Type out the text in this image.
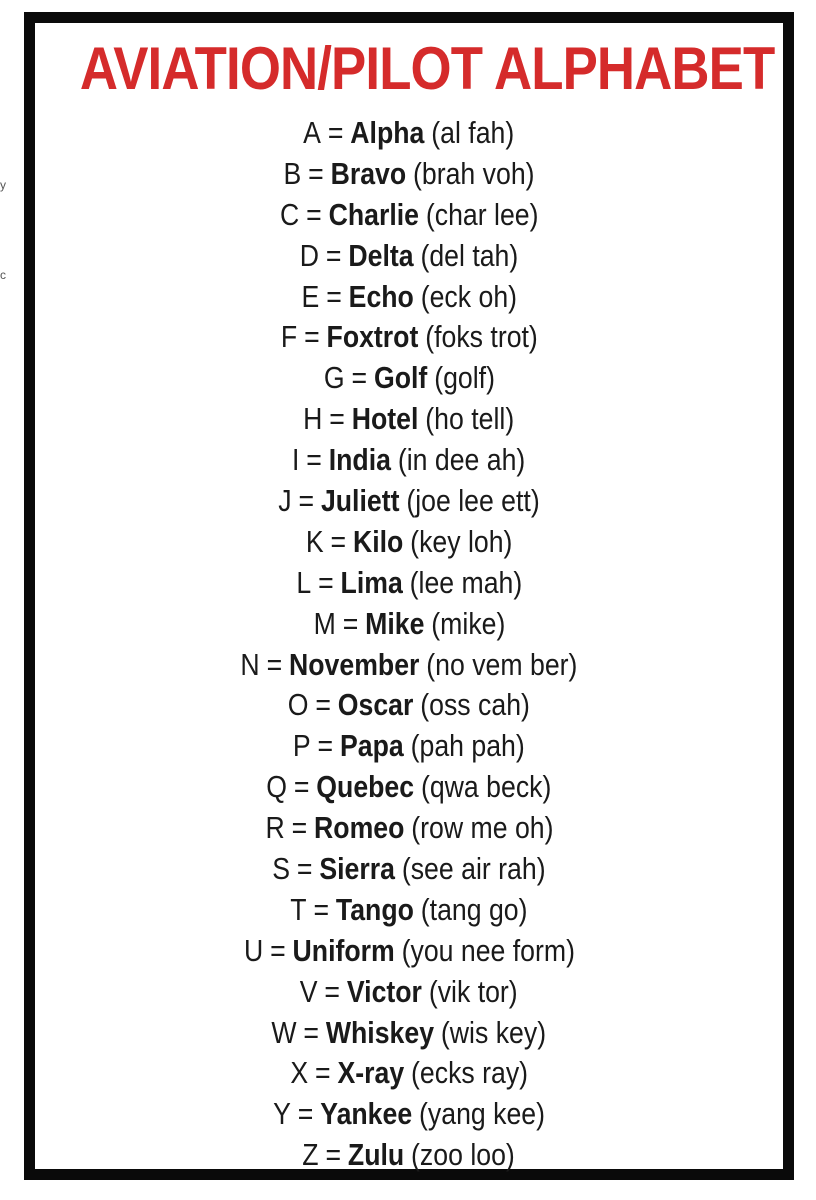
y
c
AVIATION/PILOT ALPHABET
A = Alpha (al fah)
B = Bravo (brah voh)
C = Charlie (char lee)
D = Delta (del tah)
E = Echo (eck oh)
F = Foxtrot (foks trot)
G = Golf (golf)
H = Hotel (ho tell)
I = India (in dee ah)
J = Juliett (joe lee ett)
K = Kilo (key loh)
L = Lima (lee mah)
M = Mike (mike)
N = November (no vem ber)
O = Oscar (oss cah)
P = Papa (pah pah)
Q = Quebec (qwa beck)
R = Romeo (row me oh)
S = Sierra (see air rah)
T = Tango (tang go)
U = Uniform (you nee form)
V = Victor (vik tor)
W = Whiskey (wis key)
X = X-ray (ecks ray)
Y = Yankee (yang kee)
Z = Zulu (zoo loo)
